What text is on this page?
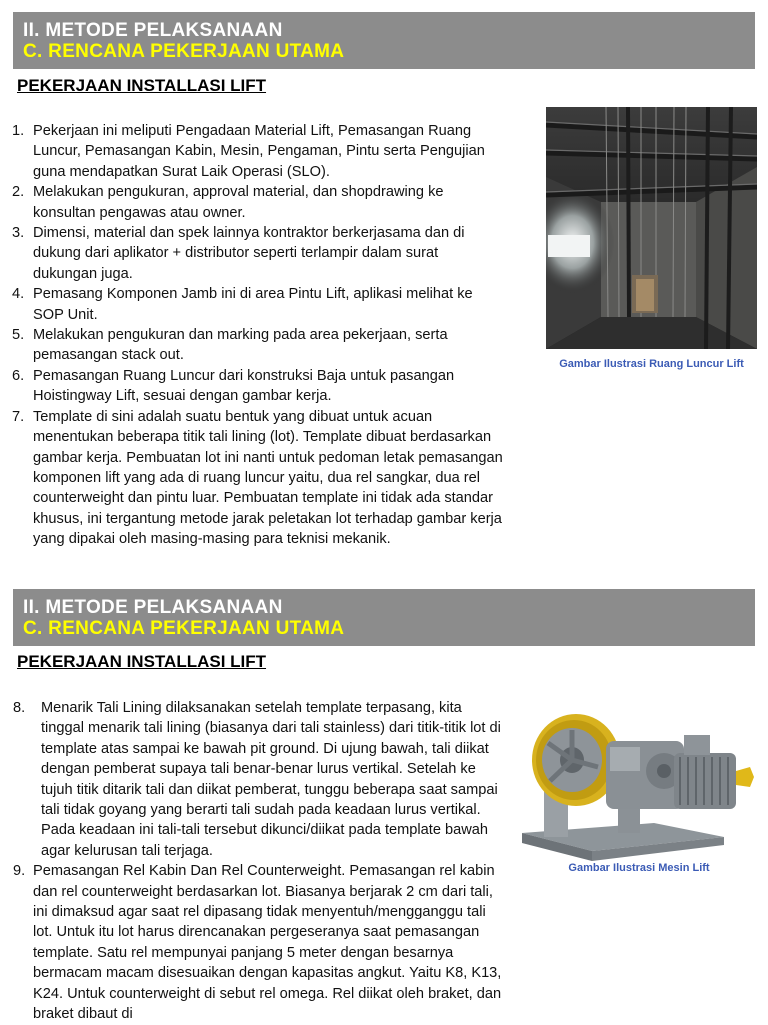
II. METODE PELAKSANAAN
C. RENCANA PEKERJAAN UTAMA
PEKERJAAN INSTALLASI LIFT
1. Pekerjaan ini meliputi Pengadaan Material Lift, Pemasangan Ruang Luncur, Pemasangan Kabin, Mesin, Pengaman, Pintu serta Pengujian guna mendapatkan Surat Laik Operasi (SLO).
2. Melakukan pengukuran, approval material, dan shopdrawing ke konsultan pengawas atau owner.
3. Dimensi, material dan spek lainnya kontraktor berkerjasama dan di dukung dari aplikator + distributor seperti terlampir dalam surat dukungan juga.
4. Pemasang Komponen Jamb ini di area Pintu Lift, aplikasi melihat ke SOP Unit.
5. Melakukan pengukuran dan marking pada area pekerjaan, serta pemasangan stack out.
6. Pemasangan Ruang Luncur dari konstruksi Baja untuk pasangan Hoistingway Lift, sesuai dengan gambar kerja.
7. Template di sini adalah suatu bentuk yang dibuat untuk acuan menentukan beberapa titik tali lining (lot). Template dibuat berdasarkan gambar kerja. Pembuatan lot ini nanti untuk pedoman letak pemasangan komponen lift yang ada di ruang luncur yaitu, dua rel sangkar, dua rel counterweight dan pintu luar. Pembuatan template ini tidak ada standar khusus, ini tergantung metode jarak peletakan lot terhadap gambar kerja yang dipakai oleh masing-masing para teknisi mekanik.
Gambar Ilustrasi Ruang Luncur Lift
II. METODE PELAKSANAAN
C. RENCANA PEKERJAAN UTAMA
PEKERJAAN INSTALLASI LIFT
8. Menarik Tali Lining dilaksanakan setelah template terpasang, kita tinggal menarik tali lining (biasanya dari tali stainless) dari titik-titik lot di template atas sampai ke bawah pit ground. Di ujung bawah, tali diikat dengan pemberat supaya tali benar-benar lurus vertikal. Setelah ke tujuh titik ditarik tali dan diikat pemberat, tunggu beberapa saat sampai tali tidak goyang yang berarti tali sudah pada keadaan lurus vertikal. Pada keadaan ini tali-tali tersebut dikunci/diikat pada template bawah agar kelurusan tali terjaga.
9. Pemasangan Rel Kabin Dan Rel Counterweight. Pemasangan rel kabin dan rel counterweight berdasarkan lot. Biasanya berjarak 2 cm dari tali, ini dimaksud agar saat rel dipasang tidak menyentuh/mengganggu tali lot. Untuk itu lot harus direncanakan pergeseranya saat pemasangan template. Satu rel mempunyai panjang 5 meter dengan besarnya bermacam macam disesuaikan dengan kapasitas angkut. Yaitu K8, K13, K24. Untuk counterweight di sebut rel omega. Rel diikat oleh braket, dan braket dibaut di
Gambar Ilustrasi Mesin Lift
